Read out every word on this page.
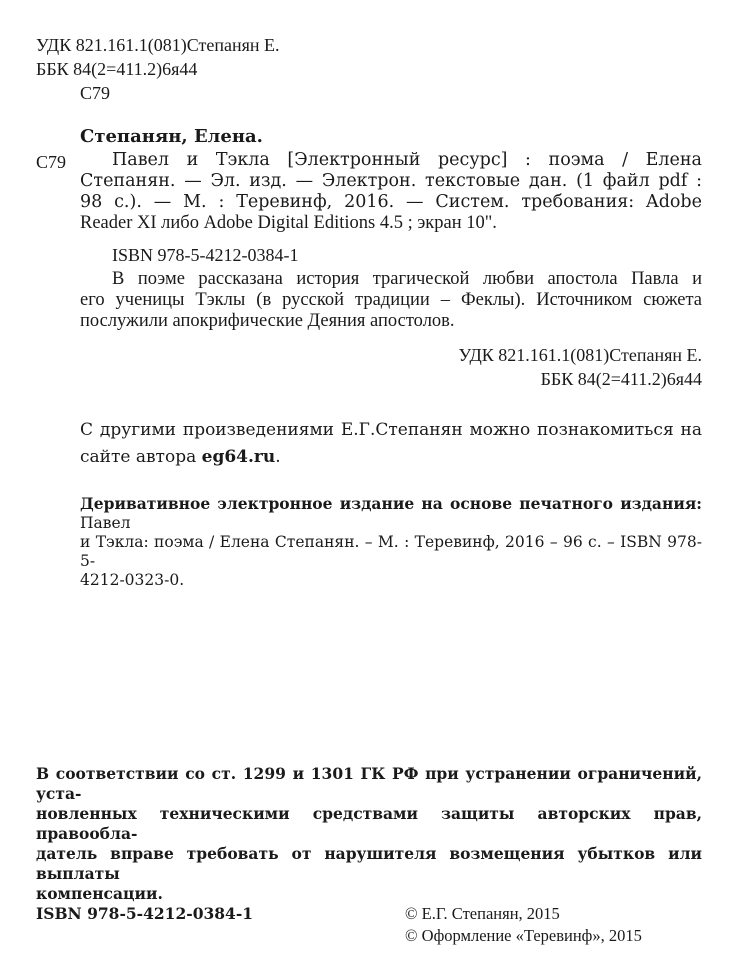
УДК 821.161.1(081)Степанян Е.
ББК 84(2=411.2)6я44
С79
Степанян, Елена.
С79	Павел и Тэкла [Электронный ресурс] : поэма / Елена
Степанян. — Эл. изд. — Электрон. текстовые дан. (1 файл pdf :
98 с.). — М. : Теревинф, 2016. — Систем. требования: Adobe
Reader XI либо Adobe Digital Editions 4.5 ; экран 10".
ISBN 978-5-4212-0384-1
В поэме рассказана история трагической любви апостола Павла и
его ученицы Тэклы (в русской традиции – Феклы). Источником сюжета
послужили апокрифические Деяния апостолов.
УДК 821.161.1(081)Степанян Е.
ББК 84(2=411.2)6я44
С другими произведениями Е.Г.Степанян можно познакомиться на
сайте автора eg64.ru.
Деривативное электронное издание на основе печатного издания: Павел
и Тэкла: поэма / Елена Степанян. – М. : Теревинф, 2016 – 96 с. – ISBN 978-5-
4212-0323-0.
В соответствии со ст. 1299 и 1301 ГК РФ при устранении ограничений, уста-
новленных техническими средствами защиты авторских прав, правообла-
датель вправе требовать от нарушителя возмещения убытков или выплаты
компенсации.
ISBN 978-5-4212-0384-1	© Е.Г. Степанян, 2015
© Оформление «Теревинф», 2015
